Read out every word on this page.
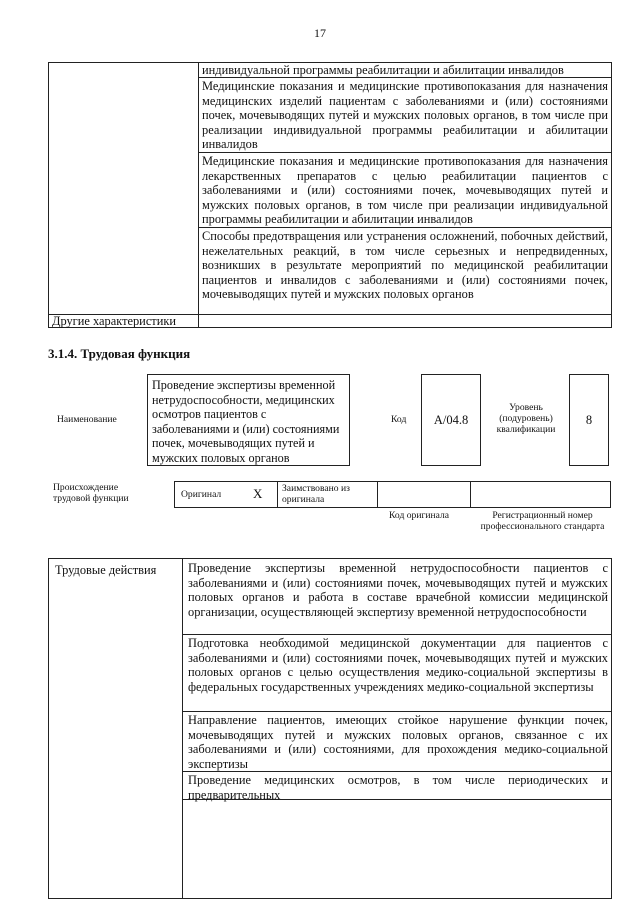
17
индивидуальной программы реабилитации и абилитации инвалидов
Медицинские показания и медицинские противопоказания для назначения медицинских изделий пациентам с заболеваниями и (или) состояниями почек, мочевыводящих путей и мужских половых органов, в том числе при реализации индивидуальной программы реабилитации и абилитации инвалидов
Медицинские показания и медицинские противопоказания для назначения лекарственных препаратов с целью реабилитации пациентов с заболеваниями и (или) состояниями почек, мочевыводящих путей и мужских половых органов, в том числе при реализации индивидуальной программы реабилитации и абилитации инвалидов
Способы предотвращения или устранения осложнений, побочных действий, нежелательных реакций, в том числе серьезных и непредвиденных, возникших в результате мероприятий по медицинской реабилитации пациентов и инвалидов с заболеваниями и (или) состояниями почек, мочевыводящих путей и мужских половых органов
Другие характеристики
3.1.4. Трудовая функция
Наименование
Проведение экспертизы временной нетрудоспособности, медицинских осмотров пациентов с заболеваниями и (или) состояниями почек, мочевыводящих путей и мужских половых органов
Код А/04.8
Уровень (подуровень) квалификации
8
Происхождение трудовой функции	Оригинал X Заимствовано из оригинала
Код оригинала	Регистрационный номер профессионального стандарта
Трудовые действия	Проведение экспертизы временной нетрудоспособности пациентов с заболеваниями и (или) состояниями почек, мочевыводящих путей и мужских половых органов и работа в составе врачебной комиссии медицинской организации, осуществляющей экспертизу временной нетрудоспособности
Подготовка необходимой медицинской документации для пациентов с заболеваниями и (или) состояниями почек, мочевыводящих путей и мужских половых органов с целью осуществления медико-социальной экспертизы в федеральных государственных учреждениях медико-социальной экспертизы
Направление пациентов, имеющих стойкое нарушение функции почек, мочевыводящих путей и мужских половых органов, связанное с их заболеваниями и (или) состояниями, для прохождения медико-социальной экспертизы
Проведение медицинских осмотров, в том числе периодических и предварительных
